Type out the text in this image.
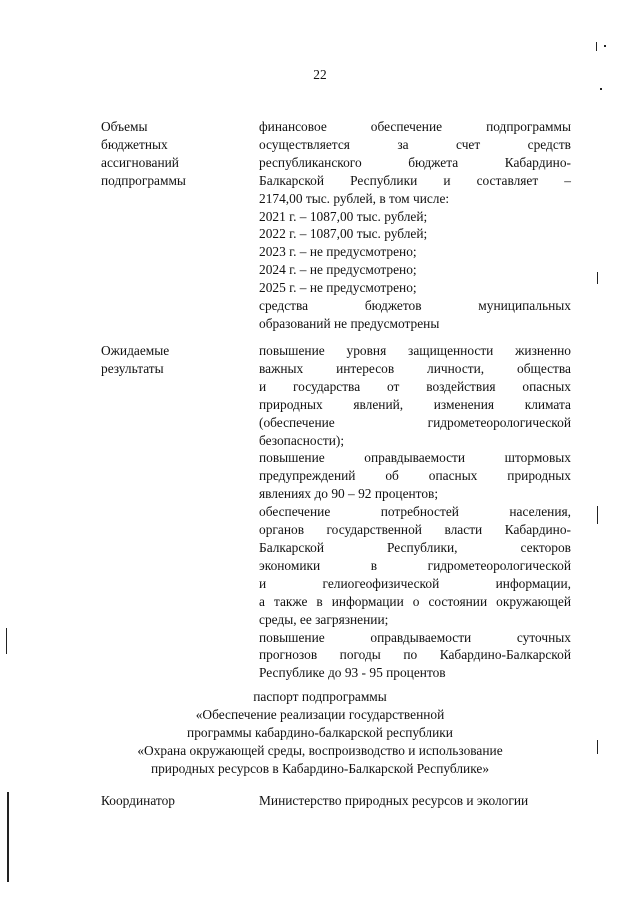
22
Объемы
бюджетных
ассигнований
подпрограммы
финансовое обеспечение подпрограммы
осуществляется за счет средств
республиканского бюджета Кабардино-
Балкарской Республики и составляет –
2174,00 тыс. рублей, в том числе:
2021 г. – 1087,00 тыс. рублей;
2022 г. – 1087,00 тыс. рублей;
2023 г. – не предусмотрено;
2024 г. – не предусмотрено;
2025 г. – не предусмотрено;
средства бюджетов муниципальных
образований не предусмотрены
Ожидаемые
результаты
повышение уровня защищенности жизненно
важных интересов личности, общества
и государства от воздействия опасных
природных явлений, изменения климата
(обеспечение гидрометеорологической
безопасности);
повышение оправдываемости штормовых
предупреждений об опасных природных
явлениях до 90 – 92 процентов;
обеспечение потребностей населения,
органов государственной власти Кабардино-
Балкарской Республики, секторов
экономики в гидрометеорологической
и гелиогеофизической информации,
а также в информации о состоянии окружающей
среды, ее загрязнении;
повышение оправдываемости суточных
прогнозов погоды по Кабардино-Балкарской
Республике до 93 - 95 процентов
паспорт подпрограммы
«Обеспечение реализации государственной
программы кабардино-балкарской республики
«Охрана окружающей среды, воспроизводство и использование
природных ресурсов в Кабардино-Балкарской Республике»
Координатор	Министерство природных ресурсов и экологии
